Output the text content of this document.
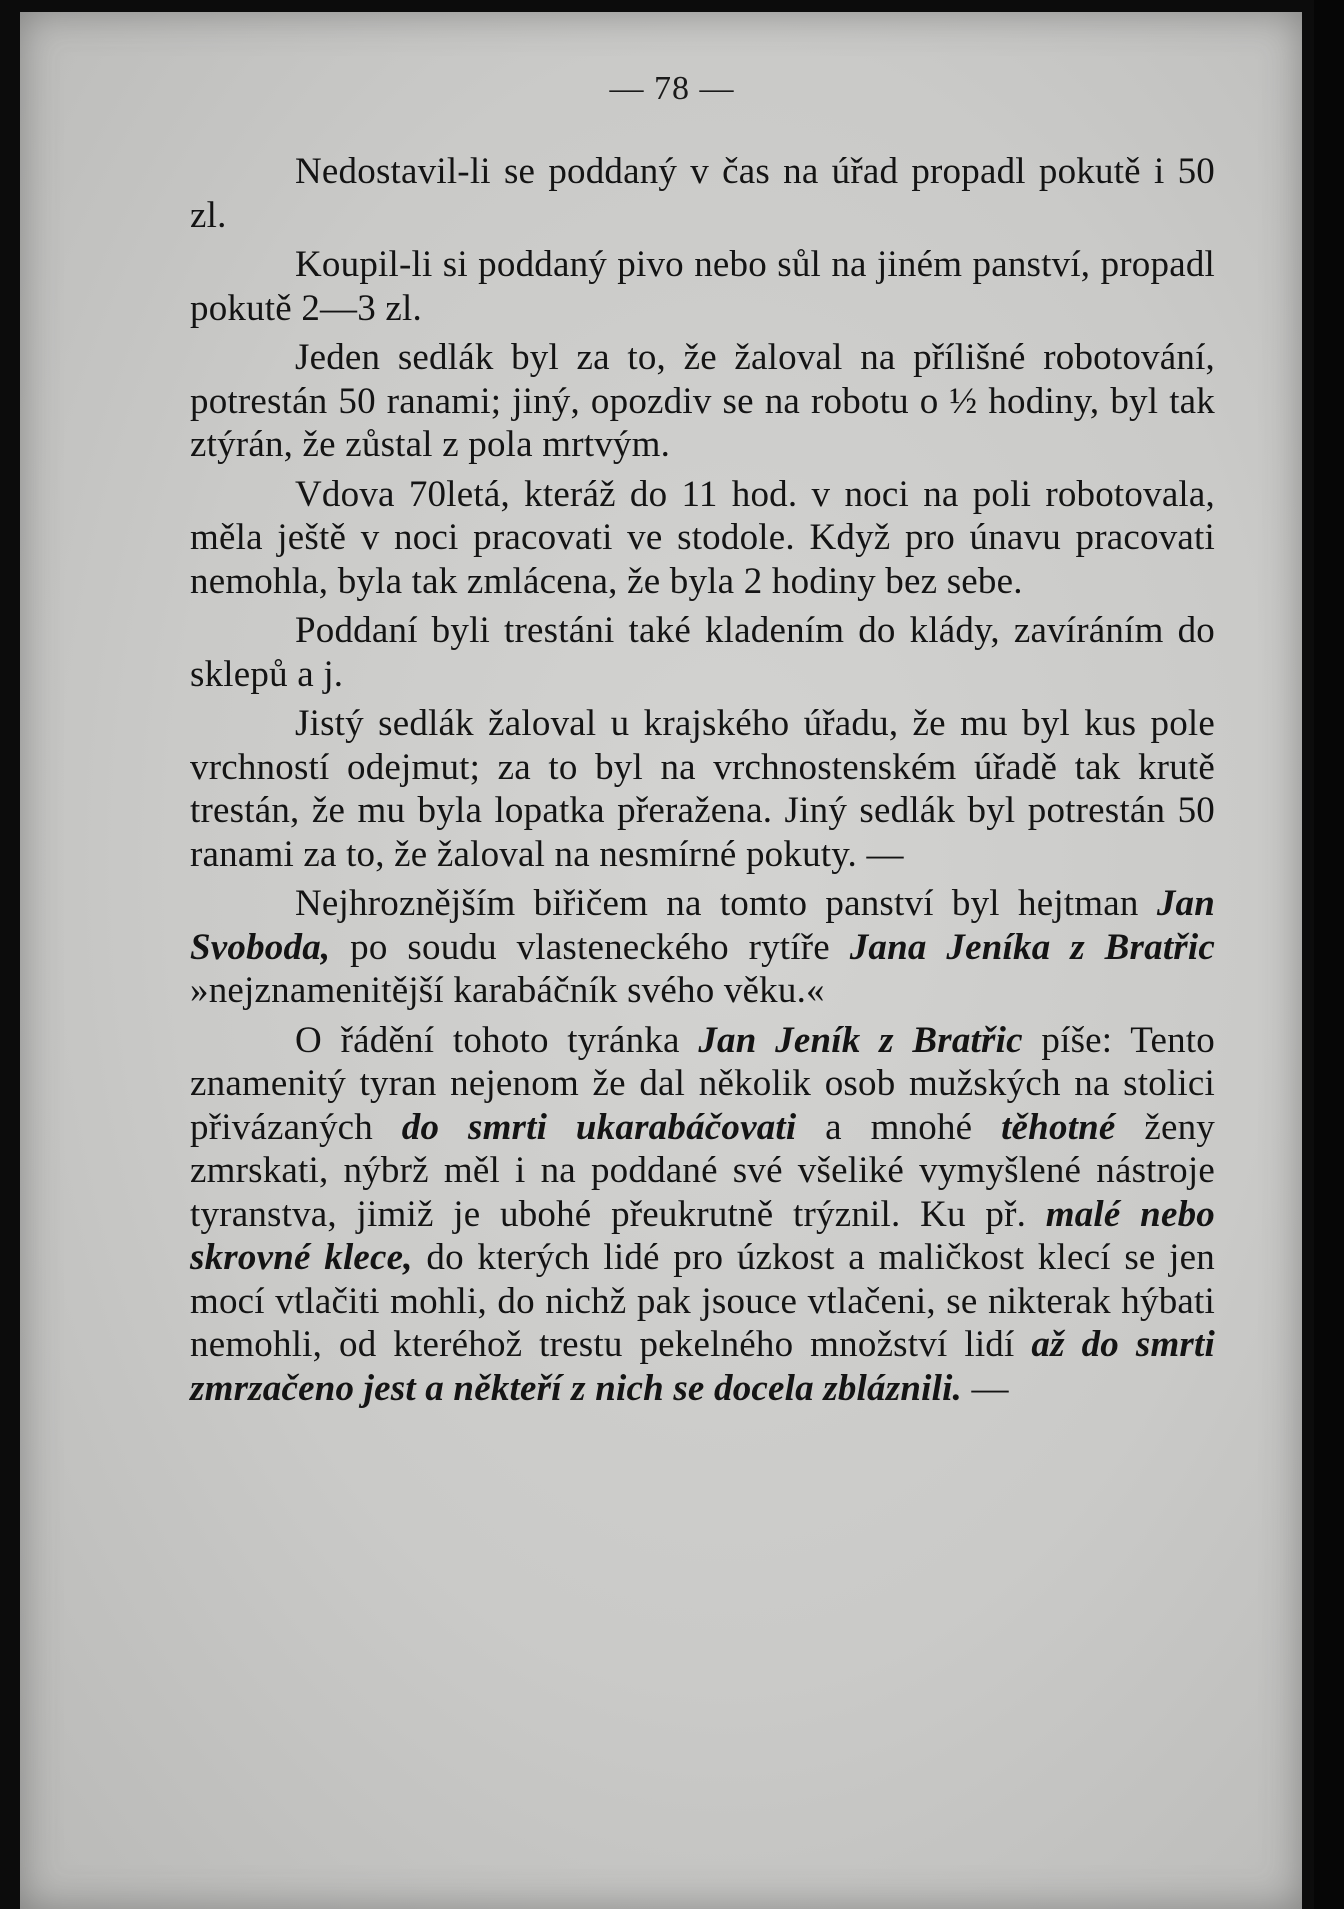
— 78 —

Nedostavil-li se poddaný v čas na úřad propadl pokutě i 50 zl.

Koupil-li si poddaný pivo nebo sůl na jiném panství, propadl pokutě 2—3 zl.

Jeden sedlák byl za to, že žaloval na přílišné robotování, potrestán 50 ranami; jiný, opozdiv se na robotu o ½ hodiny, byl tak ztýrán, že zůstal z pola mrtvým.

Vdova 70letá, kteráž do 11 hod. v noci na poli robotovala, měla ještě v noci pracovati ve stodole. Když pro únavu pracovati nemohla, byla tak zmlácena, že byla 2 hodiny bez sebe.

Poddaní byli trestáni také kladením do klády, zavíráním do sklepů a j.

Jistý sedlák žaloval u krajského úřadu, že mu byl kus pole vrchností odejmut; za to byl na vrchnostenském úřadě tak krutě trestán, že mu byla lopatka přeražena. Jiný sedlák byl potrestán 50 ranami za to, že žaloval na nesmírné pokuty. —

Nejhroznějším biřičem na tomto panství byl hejtman Jan Svoboda, po soudu vlasteneckého rytíře Jana Jeníka z Bratřic »nejznamenitější karabáčník svého věku.«

O řádění tohoto tyránka Jan Jeník z Bratřic píše: Tento znamenitý tyran nejenom že dal několik osob mužských na stolici přivázaných do smrti ukarabáčovati a mnohé těhotné ženy zmrskati, nýbrž měl i na poddané své všeliké vymyšlené nástroje tyranstva, jimiž je ubohé přeukrutně trýznil. Ku př. malé nebo skrovné klece, do kterých lidé pro úzkost a maličkost klecí se jen mocí vtlačiti mohli, do nichž pak jsouce vtlačeni, se nikterak hýbati nemohli, od kteréhož trestu pekelného množství lidí až do smrti zmrzačeno jest a někteří z nich se docela zbláznili. —
